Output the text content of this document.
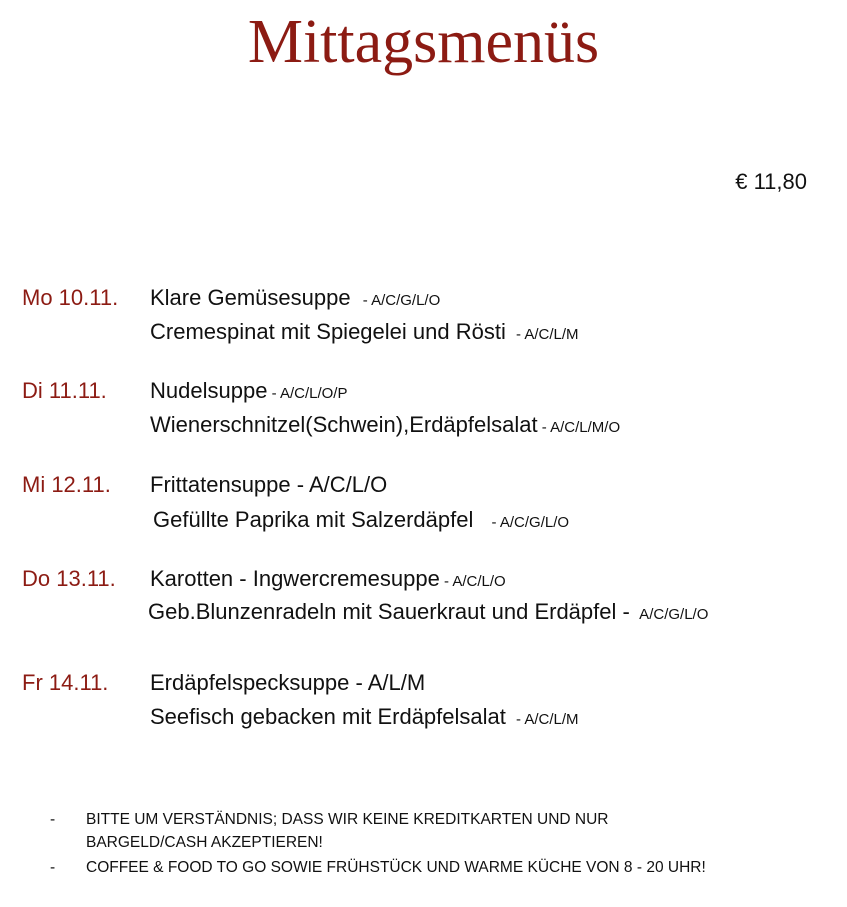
Mittagsmenüs
€ 11,80
Mo 10.11. Klare Gemüsesuppe - A/C/G/L/O
Cremespinat mit Spiegelei und Rösti - A/C/L/M
Di 11.11. Nudelsuppe - A/C/L/O/P
Wienerschnitzel(Schwein),Erdäpfelsalat - A/C/L/M/O
Mi 12.11. Frittatensuppe - A/C/L/O
Gefüllte Paprika mit Salzerdäpfel - A/C/G/L/O
Do 13.11. Karotten - Ingwercremesuppe - A/C/L/O
Geb.Blunzenradeln mit Sauerkraut und Erdäpfel - A/C/G/L/O
Fr 14.11. Erdäpfelspecksuppe - A/L/M
Seefisch gebacken mit Erdäpfelsalat - A/C/L/M
- BITTE UM VERSTÄNDNIS; DASS WIR KEINE KREDITKARTEN UND NUR
BARGELD/CASH AKZEPTIEREN!
- COFFEE & FOOD TO GO SOWIE FRÜHSTÜCK UND WARME KÜCHE VON 8 - 20 UHR!
